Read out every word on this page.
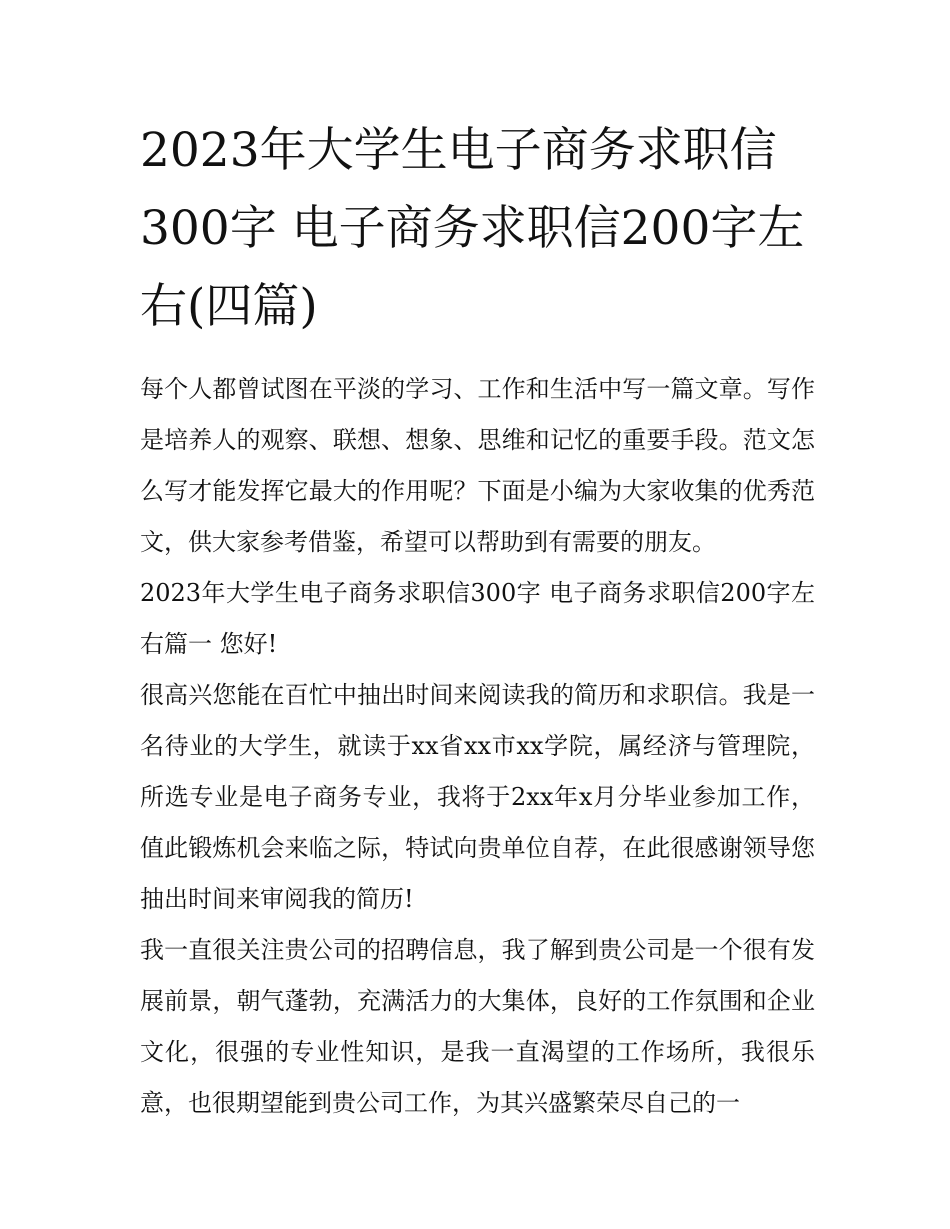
2023年大学生电子商务求职信300字 电子商务求职信200字左右(四篇)

每个人都曾试图在平淡的学习、工作和生活中写一篇文章。写作是培养人的观察、联想、想象、思维和记忆的重要手段。范文怎么写才能发挥它最大的作用呢？下面是小编为大家收集的优秀范文，供大家参考借鉴，希望可以帮助到有需要的朋友。

2023年大学生电子商务求职信300字 电子商务求职信200字左右篇一 您好!

很高兴您能在百忙中抽出时间来阅读我的简历和求职信。我是一名待业的大学生，就读于xx省xx市xx学院，属经济与管理院，所选专业是电子商务专业，我将于2xx年x月分毕业参加工作，值此锻炼机会来临之际，特试向贵单位自荐，在此很感谢领导您抽出时间来审阅我的简历!

我一直很关注贵公司的招聘信息，我了解到贵公司是一个很有发展前景，朝气蓬勃，充满活力的大集体，良好的工作氛围和企业文化，很强的专业性知识，是我一直渴望的工作场所，我很乐意，也很期望能到贵公司工作，为其兴盛繁荣尽自己的一
